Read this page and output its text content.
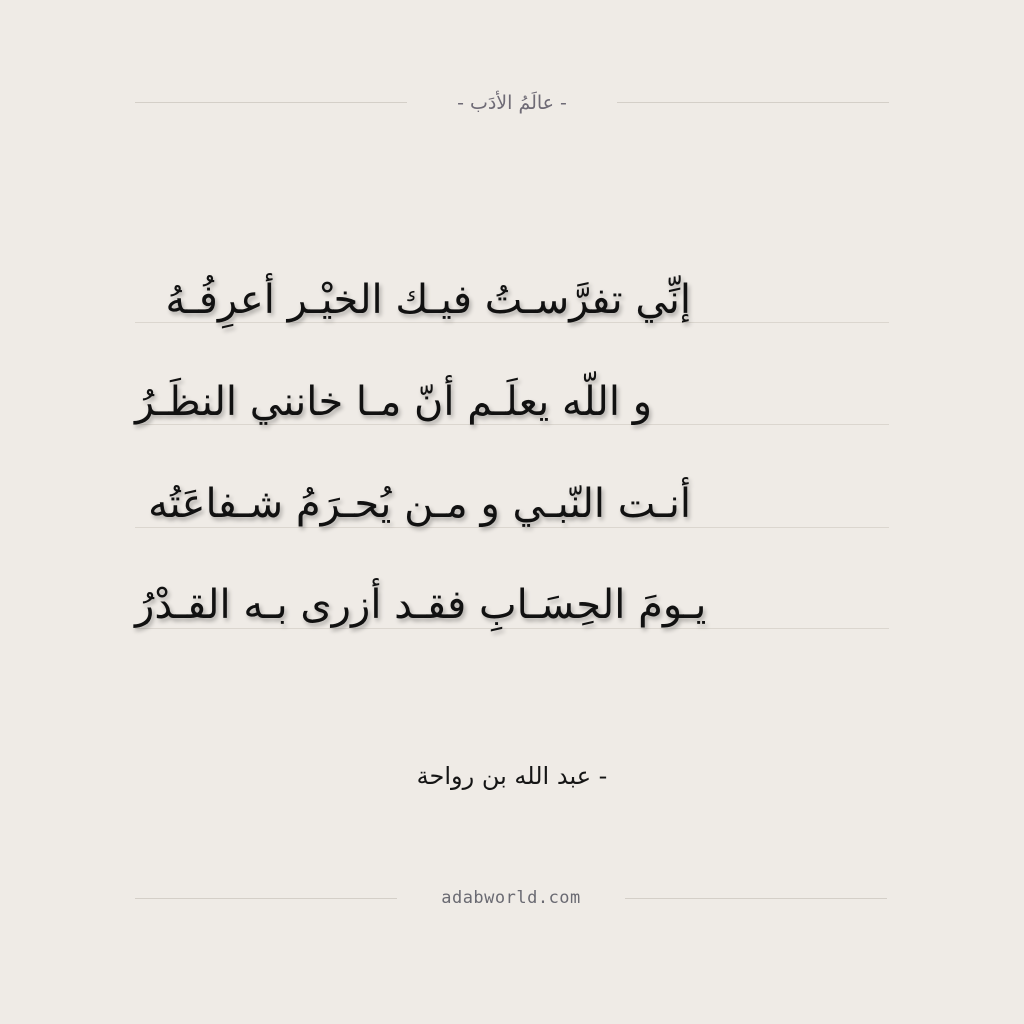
- عالَمُ الأدَب -
إني تفرسـت فيـك الخيـر أعرفـه
و الله يعلـم أن مـا خانني النظـر
أنـت النبـي و مـن يحـرم شـفاعته
يـوم الحسـاب فقـد أزرى بـه القـدر
- عبد الله بن رواحة
adabworld.com
